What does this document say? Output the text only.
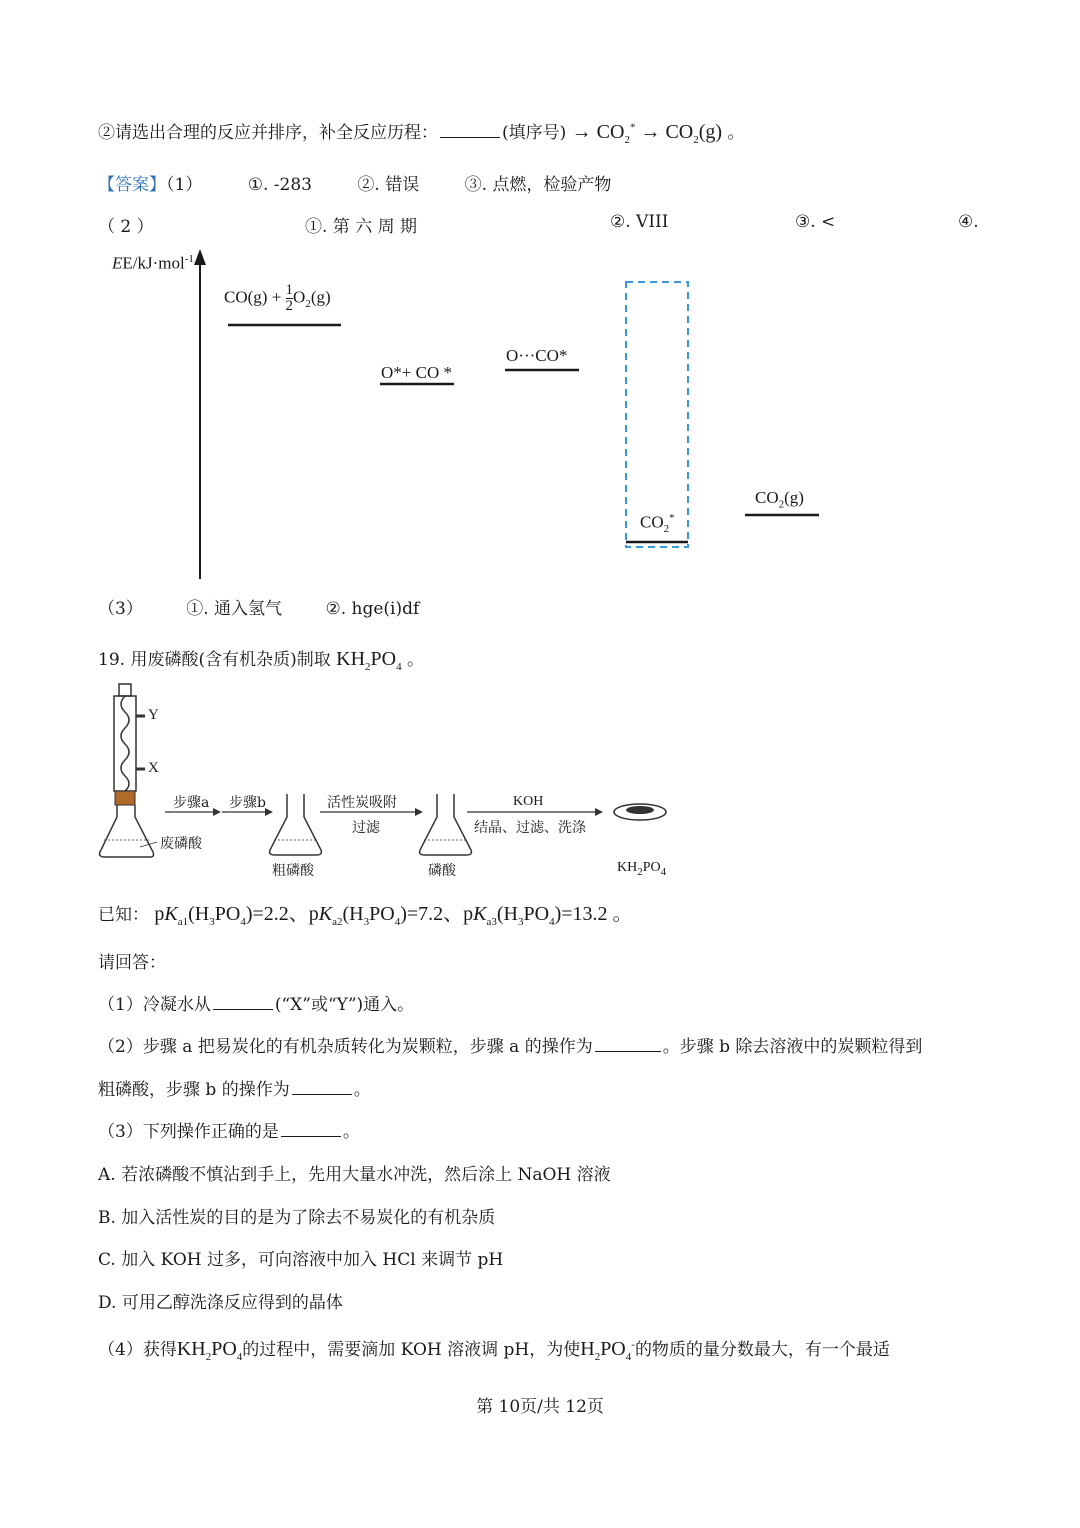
②请选出合理的反应并排序，补全反应历程：	(填序号) → $CO_2^* \to CO_2(g)$ 。
【答案】（1）	①. -283	②. 错误	③. 点燃，检验产物
（ 2 ）	①. 第 六 周 期	②. VIII	③. <	④.
EE/kJ·mol$^{-1}$
$CO(g) + \frac{1}{2} O_2(g)$
O*+ CO *
O···CO*
$CO_2^*$
$CO_2(g)$
（3）	①. 通入氢气	②. hge(i)df
19. 用废磷酸(含有机杂质)制取 $KH_2PO_4$ 。
Y
X
步骤a 步骤b	活性炭吸附
过滤
KOH
结晶、过滤、洗涤
废磷酸
粗磷酸	磷酸	$KH_2PO_4$
已知： $pK_{a1}(H_3PO_4)=2.2$、$pK_{a2}(H_3PO_4)=7.2$、$pK_{a3}(H_3PO_4)=13.2$ 。
请回答：
（1）冷凝水从	(“X”或“Y”)通入。
（2）步骤 a 把易炭化的有机杂质转化为炭颗粒，步骤 a 的操作为	。步骤 b 除去溶液中的炭颗粒得到
粗磷酸，步骤 b 的操作为	。
（3）下列操作正确的是	。
A. 若浓磷酸不慎沾到手上，先用大量水冲洗，然后涂上 NaOH 溶液
B. 加入活性炭的目的是为了除去不易炭化的有机杂质
C. 加入 KOH 过多，可向溶液中加入 HCl 来调节 pH
D. 可用乙醇洗涤反应得到的晶体
（4）获得$KH_2PO_4$的过程中，需要滴加 KOH 溶液调 pH，为使$H_2PO_4^-$的物质的量分数最大，有一个最适
第 10页/共 12页
